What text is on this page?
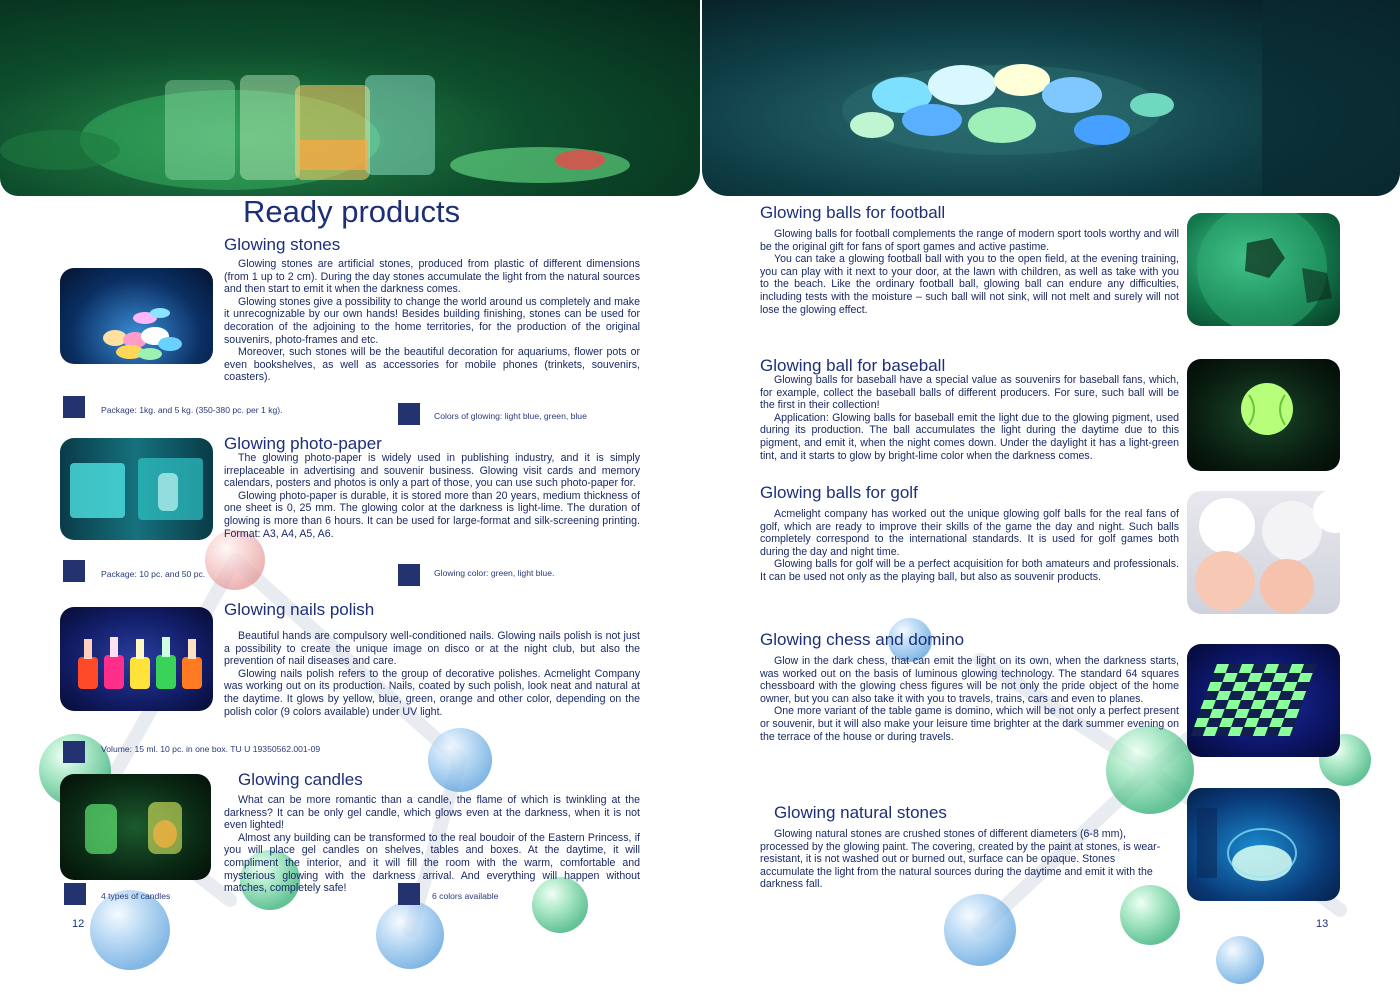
Ready products
Glowing stones

Glowing stones are artificial stones, produced from plastic of different dimensions (from 1 up to 2 cm). During the day stones accumulate the light from the natural sources and then start to emit it when the darkness comes.

Glowing stones give a possibility to change the world around us completely and make it unrecognizable by our own hands! Besides building finishing, stones can be used for decoration of the adjoining to the home territories, for the production of the original souvenirs, photo-frames and etc.

Moreover, such stones will be the beautiful decoration for aquariums, flower pots or even bookshelves, as well as accessories for mobile phones (trinkets, souvenirs, coasters).

Package: 1kg. and 5 kg. (350-380 pc. per 1 kg).
Colors of glowing: light blue, green, blue
Glowing photo-paper

The glowing photo-paper is widely used in publishing industry, and it is simply irreplaceable in advertising and souvenir business. Glowing visit cards and memory calendars, posters and photos is only a part of those, you can use such photo-paper for.

Glowing photo-paper is durable, it is stored more than 20 years, medium thickness of one sheet is 0, 25 mm. The glowing color at the darkness is light-lime. The duration of glowing is more than 6 hours. It can be used for large-format and silk-screening printing. Format: A3, A4, A5, A6.

Package: 10 pc. and 50 pc.	Glowing color: green, light blue.
Glowing nails polish

Beautiful hands are compulsory well-conditioned nails. Glowing nails polish is not just a possibility to create the unique image on disco or at the night club, but also the prevention of nail diseases and care.

Glowing nails polish refers to the group of decorative polishes. Acmelight Company was working out on its production. Nails, coated by such polish, look neat and natural at the daytime. It glows by yellow, blue, green, orange and other color, depending on the polish color (9 colors available) under UV light.

Volume: 15 ml. 10 pc. in one box. TU U 19350562.001-09
Glowing candles

What can be more romantic than a candle, the flame of which is twinkling at the darkness? It can be only gel candle, which glows even at the darkness, when it is not even lighted!

Almost any building can be transformed to the real boudoir of the Eastern Princess, if you will place gel candles on shelves, tables and boxes. At the daytime, it will compliment the interior, and it will fill the room with the warm, comfortable and mysterious glowing with the darkness arrival. And everything will happen without matches, completely safe!

4 types of candles	6 colors available
12
Glowing balls for football

Glowing balls for football complements the range of modern sport tools worthy and will be the original gift for fans of sport games and active pastime.

You can take a glowing football ball with you to the open field, at the evening training, you can play with it next to your door, at the lawn with children, as well as take with you to the beach. Like the ordinary football ball, glowing ball can endure any difficulties, including tests with the moisture – such ball will not sink, will not melt and surely will not lose the glowing effect.

Glowing ball for baseball

Glowing balls for baseball have a special value as souvenirs for baseball fans, which, for example, collect the baseball balls of different producers. For sure, such ball will be the first in their collection!

Application: Glowing balls for baseball emit the light due to the glowing pigment, used during its production. The ball accumulates the light during the daytime due to this pigment, and emit it, when the night comes down. Under the daylight it has a light-green tint, and it starts to glow by bright-lime color when the darkness comes.

Glowing balls for golf

Acmelight company has worked out the unique glowing golf balls for the real fans of golf, which are ready to improve their skills of the game the day and night. Such balls completely correspond to the international standards. It is used for golf games both during the day and night time.

Glowing balls for golf will be a perfect acquisition for both amateurs and professionals. It can be used not only as the playing ball, but also as souvenir products.

Glowing chess and domino

Glow in the dark chess, that can emit the light on its own, when the darkness starts, was worked out on the basis of luminous glowing technology. The standard 64 squares chessboard with the glowing chess figures will be not only the pride object of the home owner, but you can also take it with you to travels, trains, cars and even to planes.

One more variant of the table game is domino, which will be not only a perfect present or souvenir, but it will also make your leisure time brighter at the dark summer evening on the terrace of the house or during travels.

Glowing natural stones

Glowing natural stones are crushed stones of different diameters (6-8 mm), processed by the glowing paint. The covering, created by the paint at stones, is wear-resistant, it is not washed out or burned out, surface can be opaque. Stones accumulate the light from the natural sources during the daytime and emit it with the darkness fall.

13
